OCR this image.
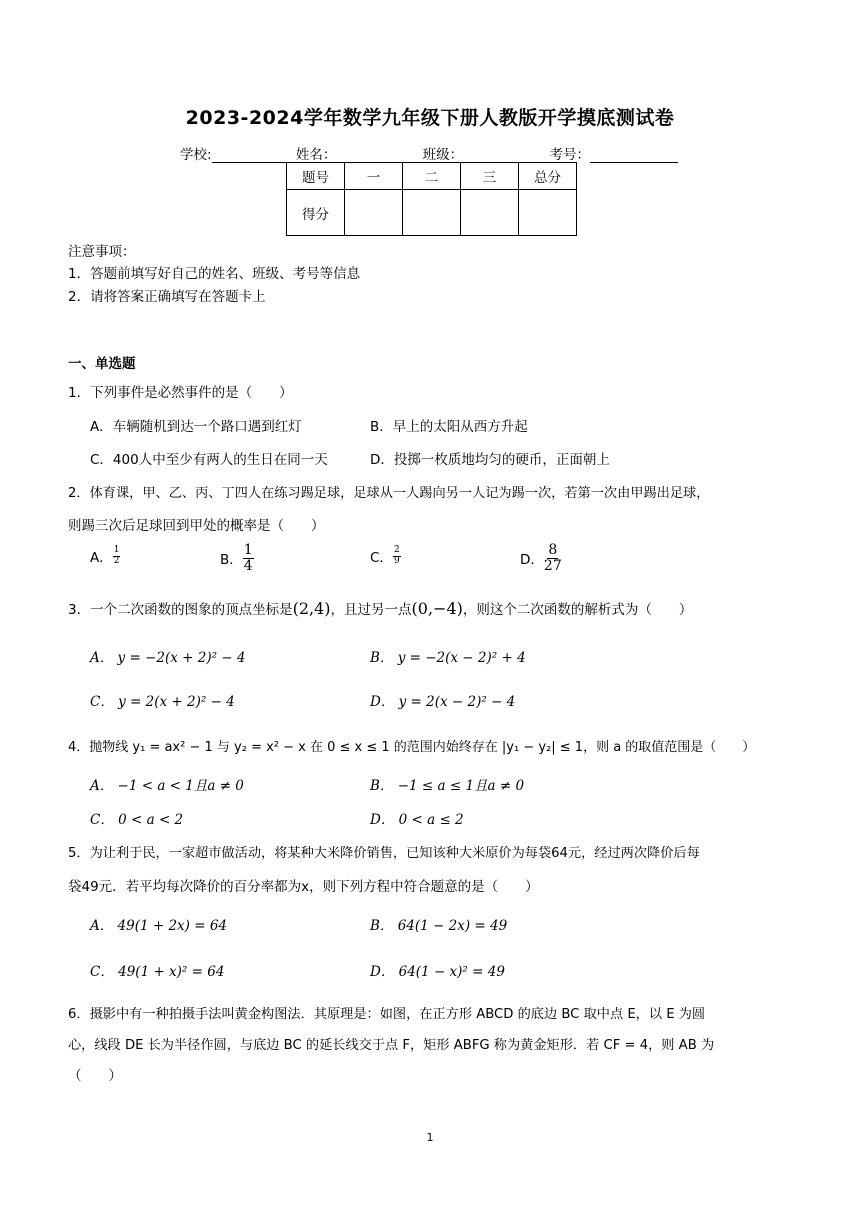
2023-2024学年数学九年级下册人教版开学摸底测试卷
学校:	姓名：	班级：	考号：
题号	一	二	三	总分
得分				
注意事项：
1．答题前填写好自己的姓名、班级、考号等信息
2．请将答案正确填写在答题卡上
一、单选题
1．下列事件是必然事件的是（　　）
A．车辆随机到达一个路口遇到红灯	B．早上的太阳从西方升起
C．400人中至少有两人的生日在同一天	D．投掷一枚质地均匀的硬币，正面朝上
2．体育课，甲、乙、丙、丁四人在练习踢足球，足球从一人踢向另一人记为踢一次，若第一次由甲踢出足球，
则踢三次后足球回到甲处的概率是（　　）
A． $\frac{1}{2}$	B． $\frac{1}{4}$	C． $\frac{2}{9}$	D． $\frac{8}{27}$
3．一个二次函数的图象的顶点坐标是(2,4)，且过另一点(0,−4)，则这个二次函数的解析式为（　　）
A． y = −2(x + 2)² − 4	B． y = −2(x − 2)² + 4
C． y = 2(x + 2)² − 4	D． y = 2(x − 2)² − 4
4．抛物线 y₁ = ax² − 1 与 y₂ = x² − x 在 0 ≤ x ≤ 1 的范围内始终存在 |y₁ − y₂| ≤ 1，则 a 的取值范围是（　　）
A． −1 < a < 1且a ≠ 0	B． −1 ≤ a ≤ 1且a ≠ 0
C． 0 < a < 2	D． 0 < a ≤ 2
5．为让利于民，一家超市做活动，将某种大米降价销售，已知该种大米原价为每袋64元，经过两次降价后每
袋49元．若平均每次降价的百分率都为x，则下列方程中符合题意的是（　　）
A． 49(1 + 2x) = 64	B． 64(1 − 2x) = 49
C． 49(1 + x)² = 64	D． 64(1 − x)² = 49
6．摄影中有一种拍摄手法叫黄金构图法．其原理是：如图，在正方形 ABCD 的底边 BC 取中点 E，以 E 为圆
心，线段 DE 长为半径作圆，与底边 BC 的延长线交于点 F，矩形 ABFG 称为黄金矩形．若 CF = 4，则 AB 为
（　　）
1
